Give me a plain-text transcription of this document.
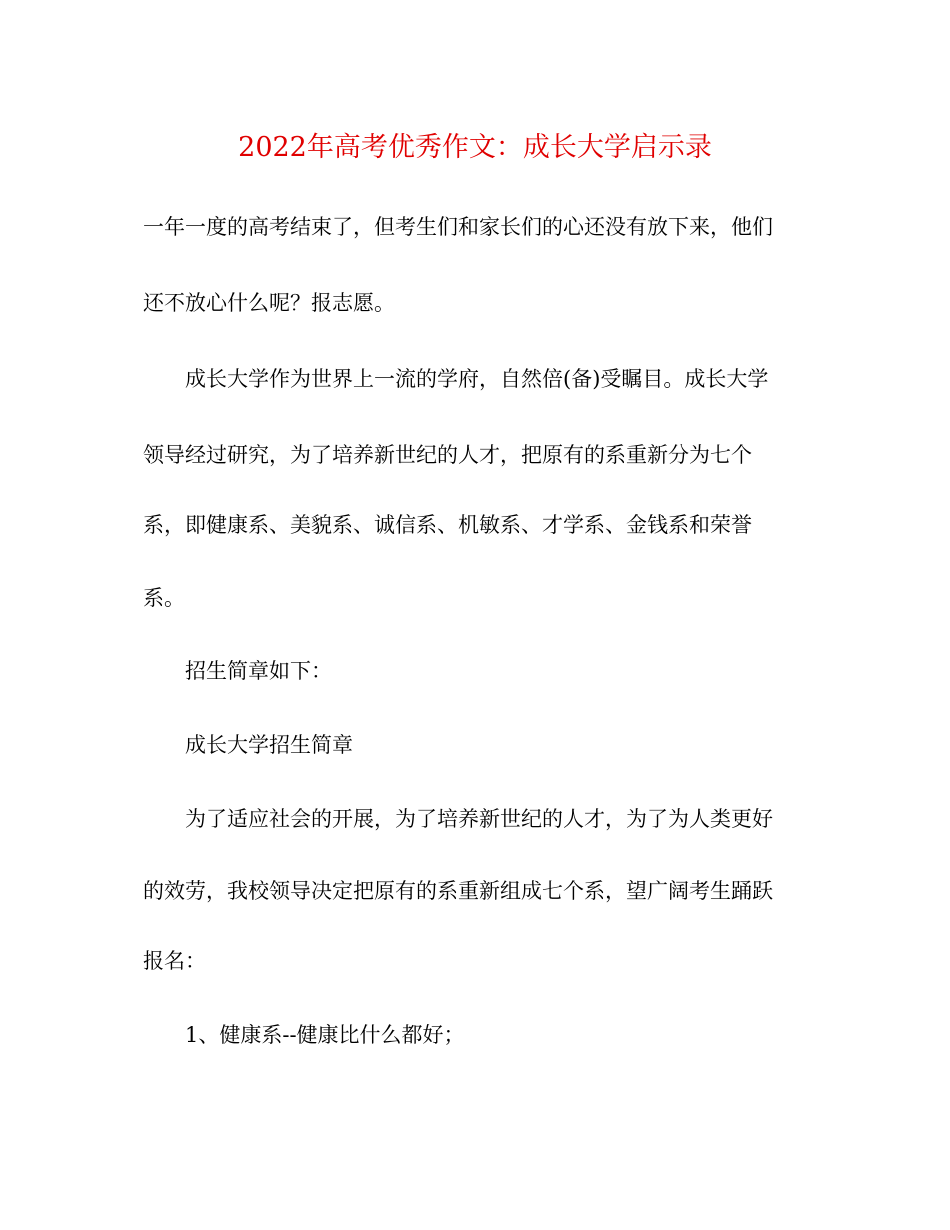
2022年高考优秀作文：成长大学启示录
一年一度的高考结束了，但考生们和家长们的心还没有放下来，他们
还不放心什么呢？报志愿。
成长大学作为世界上一流的学府，自然倍(备)受瞩目。成长大学
领导经过研究，为了培养新世纪的人才，把原有的系重新分为七个
系，即健康系、美貌系、诚信系、机敏系、才学系、金钱系和荣誉
系。
招生简章如下：
成长大学招生简章
为了适应社会的开展，为了培养新世纪的人才，为了为人类更好
的效劳，我校领导决定把原有的系重新组成七个系，望广阔考生踊跃
报名：
1、健康系--健康比什么都好；
